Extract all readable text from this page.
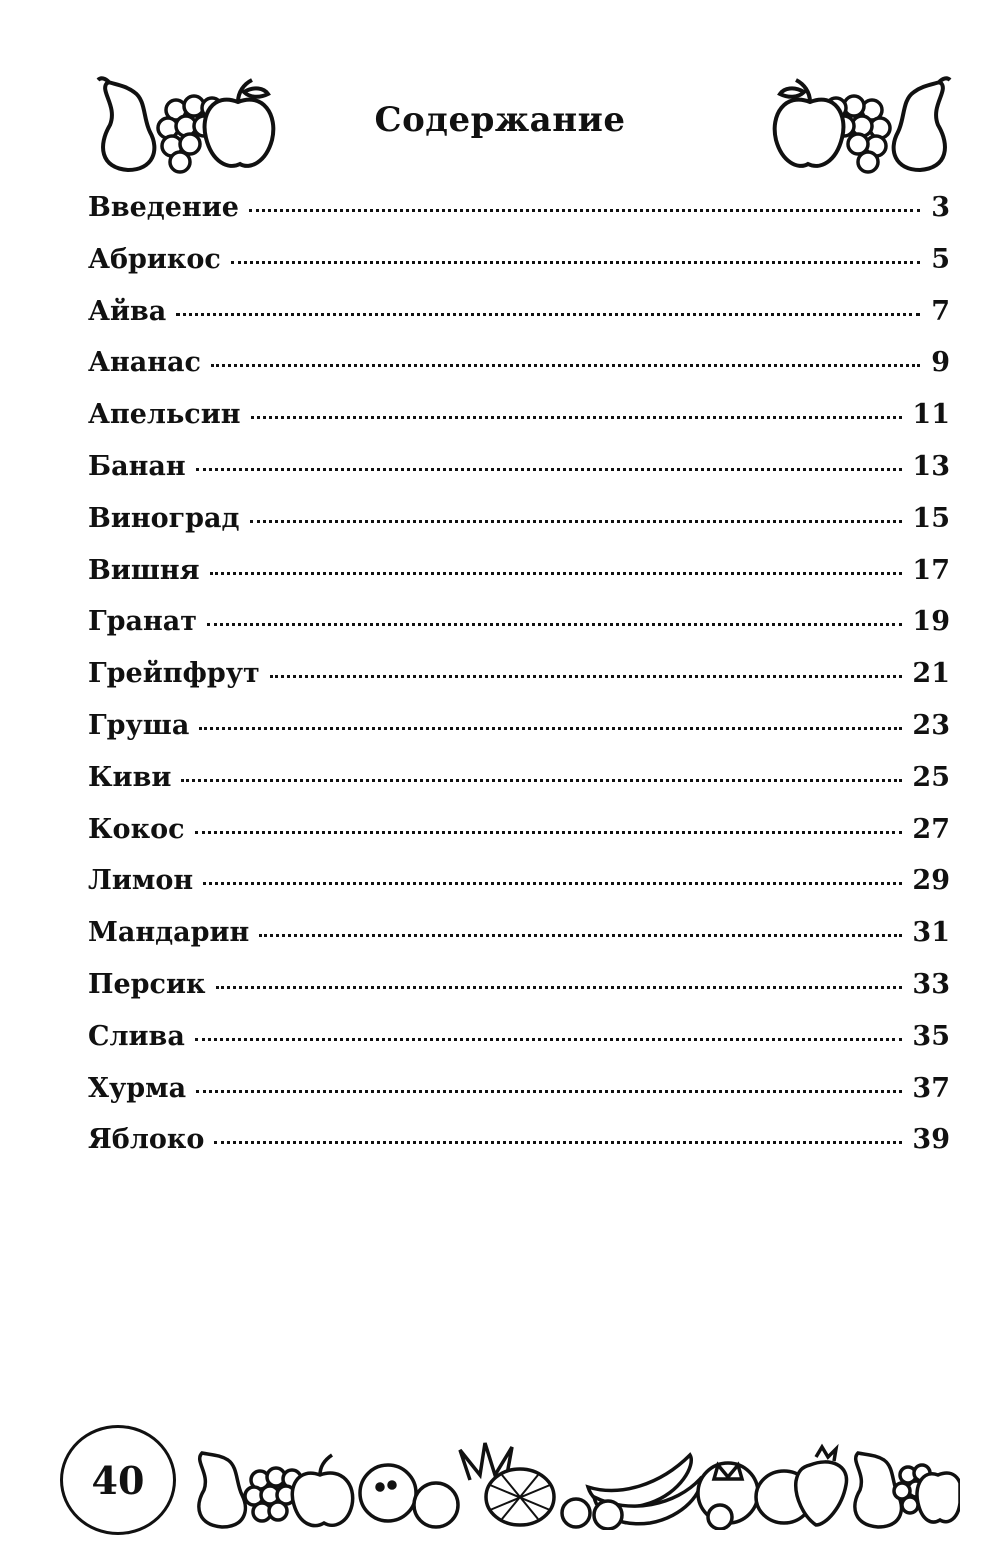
Содержание
Введение	3
Абрикос	5
Айва	7
Ананас	9
Апельсин	11
Банан	13
Виноград	15
Вишня	17
Гранат	19
Грейпфрут	21
Груша	23
Киви	25
Кокос	27
Лимон	29
Мандарин	31
Персик	33
Слива	35
Хурма	37
Яблоко	39
40
